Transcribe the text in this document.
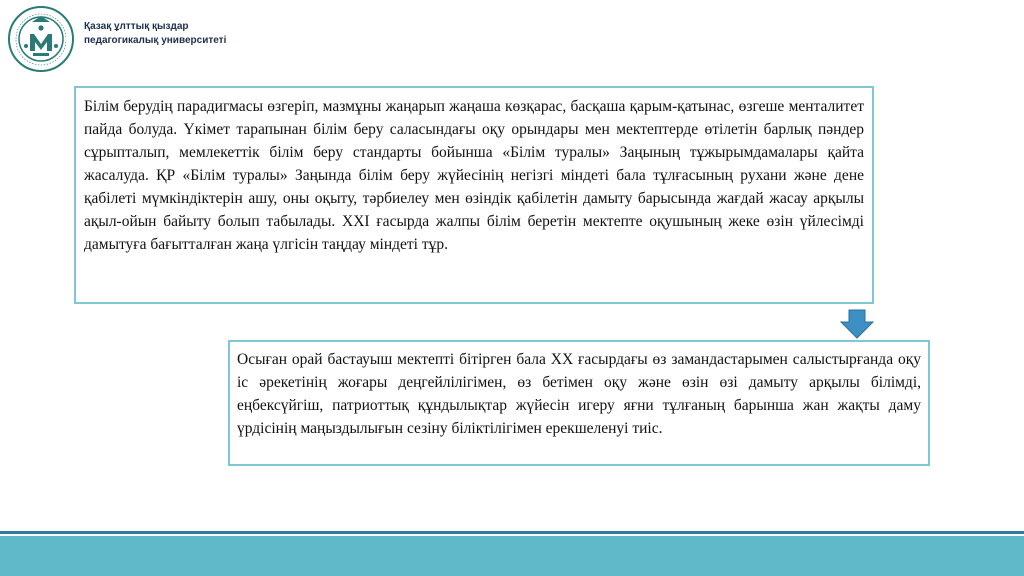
Қазақ ұлттық қыздар
педагогикалық университеті
Білім берудің парадигмасы өзгеріп, мазмұны жаңарып жаңаша көзқарас, басқаша қарым-қатынас, өзгеше менталитет пайда болуда. Үкімет тарапынан білім беру саласындағы оқу орындары мен мектептерде өтілетін барлық пәндер сұрыпталып, мемлекеттік білім беру стандарты бойынша «Білім туралы» Заңының тұжырымдамалары қайта жасалуда. ҚР «Білім туралы» Заңында білім беру жүйесінің негізгі міндеті бала тұлғасының рухани және дене қабілеті мүмкіндіктерін ашу, оны оқыту, тәрбиелеу мен өзіндік қабілетін дамыту барысында жағдай жасау арқылы ақыл-ойын байыту болып табылады. XXI ғасырда жалпы білім беретін мектепте оқушының жеке өзін үйлесімді дамытуға бағытталған жаңа үлгісін таңдау міндеті тұр.
Осыған орай бастауыш мектепті бітірген бала XX ғасырдағы өз замандастарымен салыстырғанда оқу іс әрекетінің жоғары деңгейлілігімен, өз бетімен оқу және өзін өзі дамыту арқылы білімді, еңбексүйгіш, патриоттық құндылықтар жүйесін игеру яғни тұлғаның барынша жан жақты даму үрдісінің маңыздылығын сезіну біліктілігімен ерекшеленуі тиіс.
